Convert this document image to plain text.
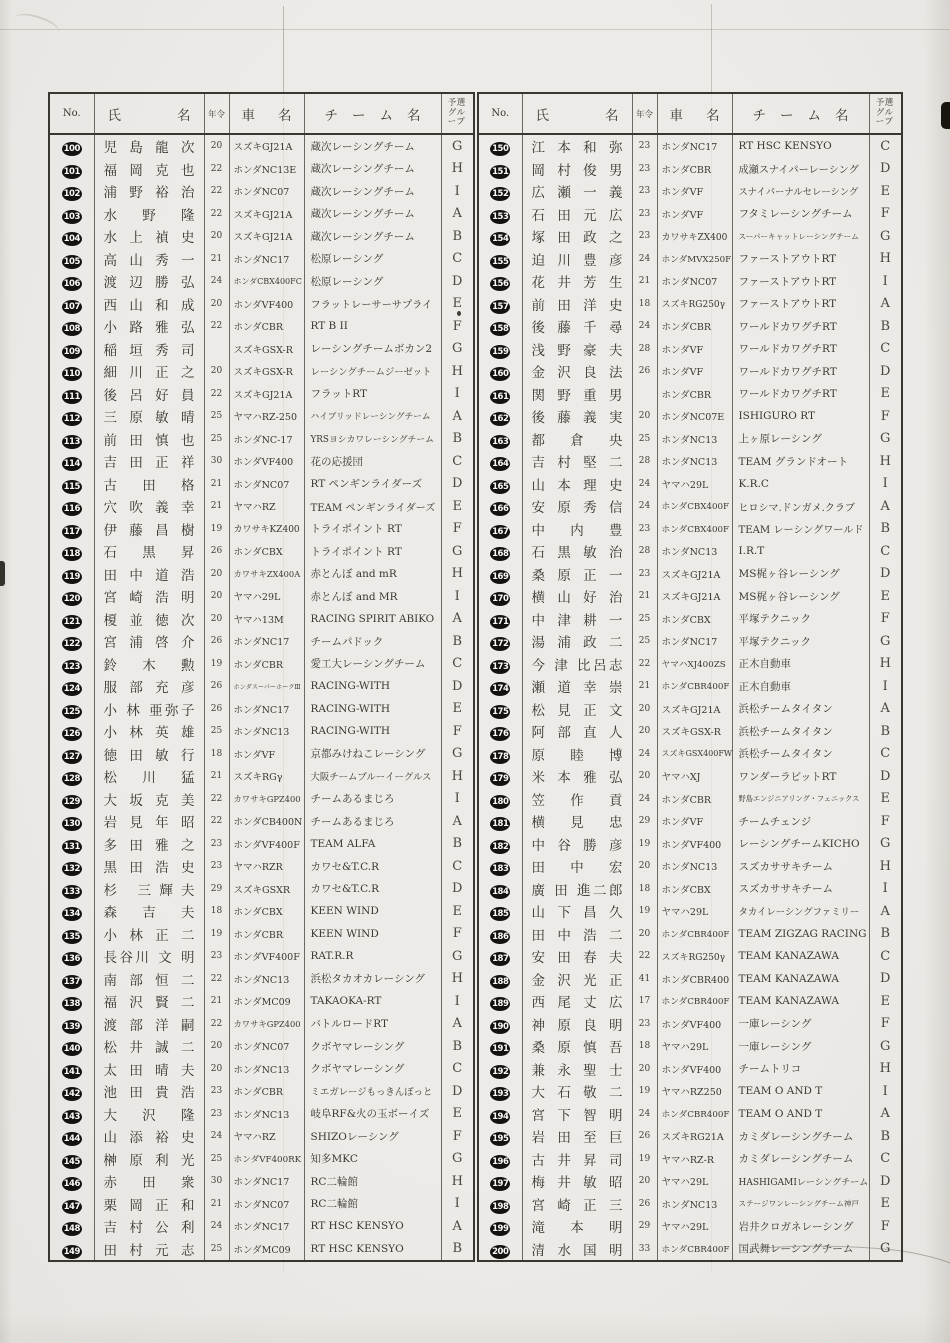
No.	氏 名	年令	車 名	チ ー ム 名	予選グループ

100	児 島 龍 次	20	スズキGJ21A	蔵次レーシングチーム	G
101	福 岡 克 也	22	ホンダNC13E	蔵次レーシングチーム	H
102	浦 野 裕 治	22	ホンダNC07	蔵次レーシングチーム	I
103	水 野 隆	22	スズキGJ21A	蔵次レーシングチーム	A
104	水 上 禎 史	20	スズキGJ21A	蔵次レーシングチーム	B
105	高 山 秀 一	21	ホンダNC17	松原レーシング	C
106	渡 辺 勝 弘	24	ホンダCBX400FC	松原レーシング	D
107	西 山 和 成	20	ホンダVF400	フラットレーサーサプライ	E
108	小 路 雅 弘	22	ホンダCBR	RT B II	F
109	稲 垣 秀 司		スズキGSX-R	レーシングチームボカン2	G
110	細 川 正 之	20	スズキGSX-R	レーシングチームジーゼット	H
111	後 呂 好 員	22	スズキGJ21A	フラットRT	I
112	三 原 敏 晴	25	ヤマハRZ-250	ハイブリッドレーシングチーム	A
113	前 田 慎 也	25	ホンダNC-17	YRSヨシカワレーシングチーム	B
114	吉 田 正 祥	30	ホンダVF400	花の応援団	C
115	古 田 格	21	ホンダNC07	RT ペンギンライダーズ	D
116	穴 吹 義 幸	21	ヤマハRZ	TEAM ペンギンライダーズ	E
117	伊 藤 昌 樹	19	カワサキKZ400	トライポイント RT	F
118	石 黒 昇	26	ホンダCBX	トライポイント RT	G
119	田 中 道 浩	20	カワサキZX400A	赤とんぼ and mR	H
120	宮 崎 浩 明	20	ヤマハ29L	赤とんぼ and MR	I
121	榎 並 徳 次	20	ヤマハ13M	RACING SPIRIT ABIKO	A
122	宮 浦 啓 介	26	ホンダNC17	チームパドック	B
123	鈴 木 勲	19	ホンダCBR	愛工大レーシングチーム	C
124	服 部 充 彦	26	ホンダスーパーホークⅢ	RACING-WITH	D
125	小 林 亜弥子	26	ホンダNC17	RACING-WITH	E
126	小 林 英 雄	25	ホンダNC13	RACING-WITH	F
127	徳 田 敏 行	18	ホンダVF	京都みけねこレーシング	G
128	松 川 猛	21	スズキRGγ	大阪チームブルーイーグルス	H
129	大 坂 克 美	22	カワサキGPZ400	チームあるまじろ	I
130	岩 見 年 昭	22	ホンダCB400N	チームあるまじろ	A
131	多 田 雅 之	23	ホンダVF400F	TEAM ALFA	B
132	黒 田 浩 史	23	ヤマハRZR	カワセ&T.C.R	C
133	杉 三輝夫	29	スズキGSXR	カワセ&T.C.R	D
134	森 吉 夫	18	ホンダCBX	KEEN WIND	E
135	小 林 正 二	19	ホンダCBR	KEEN WIND	F
136	長谷川 文 明	23	ホンダVF400F	RAT.R.R	G
137	南 部 恒 二	22	ホンダNC13	浜松タカオカレーシング	H
138	福 沢 賢 二	21	ホンダMC09	TAKAOKA-RT	I
139	渡 部 洋 嗣	22	カワサキGPZ400	バトルロードRT	A
140	松 井 誠 二	20	ホンダNC07	クボヤマレーシング	B
141	太 田 晴 夫	20	ホンダNC13	クボヤマレーシング	C
142	池 田 貴 浩	23	ホンダCBR	ミエガレージもっきんぽっと	D
143	大 沢 隆	23	ホンダNC13	岐阜RF&火の玉ボーイズ	E
144	山 添 裕 史	24	ヤマハRZ	SHIZOレーシング	F
145	榊 原 利 光	25	ホンダVF400RK	知多MKC	G
146	赤 田 衆	30	ホンダNC17	RC二輪館	H
147	栗 岡 正 和	21	ホンダNC07	RC二輪館	I
148	吉 村 公 利	24	ホンダNC17	RT HSC KENSYO	A
149	田 村 元 志	25	ホンダMC09	RT HSC KENSYO	B
No.	氏 名	年令	車 名	チ ー ム 名	予選グループ

150	江 本 和 弥	23	ホンダNC17	RT HSC KENSYO	C
151	岡 村 俊 男	23	ホンダCBR	成瀬スナイパーレーシング	D
152	広 瀬 一 義	23	ホンダVF	スナイパーナルセレーシング	E
153	石 田 元 広	23	ホンダVF	フタミレーシングチーム	F
154	塚 田 政 之	23	カワサキZX400	スーパーキャットレーシングチーム	G
155	迫 川 豊 彦	24	ホンダMVX250F	ファーストアウトRT	H
156	花 井 芳 生	21	ホンダNC07	ファーストアウトRT	I
157	前 田 洋 史	18	スズキRG250γ	ファーストアウトRT	A
158	後 藤 千 尋	24	ホンダCBR	ワールドカワグチRT	B
159	浅 野 豪 夫	28	ホンダVF	ワールドカワグチRT	C
160	金 沢 良 法	26	ホンダVF	ワールドカワグチRT	D
161	関 野 重 男		ホンダCBR	ワールドカワグチRT	E
162	後 藤 義 実	20	ホンダNC07E	ISHIGURO RT	F
163	都 倉 央	25	ホンダNC13	上ヶ原レーシング	G
164	吉 村 堅 二	28	ホンダNC13	TEAM グランドオート	H
165	山 本 理 史	24	ヤマハ29L	K.R.C	I
166	安 原 秀 信	24	ホンダCBX400F	ヒロシマ.ドンガメ.クラブ	A
167	中 内 豊	23	ホンダCBX400F	TEAM レーシングワールド	B
168	石 黒 敏 治	28	ホンダNC13	I.R.T	C
169	桑 原 正 一	23	スズキGJ21A	MS梶ヶ谷レーシング	D
170	横 山 好 治	21	スズキGJ21A	MS梶ヶ谷レーシング	E
171	中 津 耕 一	25	ホンダCBX	平塚テクニック	F
172	湯 浦 政 二	25	ホンダNC17	平塚テクニック	G
173	今 津 比呂志	22	ヤマハXJ400ZS	正木自動車	H
174	瀬 道 幸 崇	21	ホンダCBR400F	正木自動車	I
175	松 見 正 文	20	スズキGJ21A	浜松チームタイタン	A
176	阿 部 直 人	20	スズキGSX-R	浜松チームタイタン	B
178	原 睦 博	24	スズキGSX400FW	浜松チームタイタン	C
179	米 本 雅 弘	20	ヤマハXJ	ワンダーラビットRT	D
180	笠 作 貢	24	ホンダCBR	野島エンジニアリング・フェニックス	E
181	横 見 忠	29	ホンダVF	チームチェンジ	F
182	中 谷 勝 彦	19	ホンダVF400	レーシングチームKICHO	G
183	田 中 宏	20	ホンダNC13	スズカササキチーム	H
184	廣 田 進二郎	18	ホンダCBX	スズカササキチーム	I
185	山 下 昌 久	19	ヤマハ29L	タカイレーシングファミリー	A
186	田 中 浩 二	20	ホンダCBR400F	TEAM ZIGZAG RACING	B
187	安 田 春 夫	22	スズキRG250γ	TEAM KANAZAWA	C
188	金 沢 光 正	41	ホンダCBR400	TEAM KANAZAWA	D
189	西 尾 丈 広	17	ホンダCBR400F	TEAM KANAZAWA	E
190	神 原 良 明	23	ホンダVF400	一庫レーシング	F
191	桑 原 慎 吾	18	ヤマハ29L	一庫レーシング	G
192	兼 永 聖 士	20	ホンダVF400	チームトリコ	H
193	大 石 敬 二	19	ヤマハRZ250	TEAM O AND T	I
194	宮 下 智 明	24	ホンダCBR400F	TEAM O AND T	A
195	岩 田 至 巨	26	スズキRG21A	カミダレーシングチーム	B
196	古 井 昇 司	19	ヤマハRZ-R	カミダレーシングチーム	C
197	梅 井 敏 昭	20	ヤマハ29L	HASHIGAMIレーシングチーム	D
198	宮 崎 正 三	26	ホンダNC13	ステージワンレーシングチーム神戸	E
199	滝 本 明	29	ヤマハ29L	岩井クロガネレーシング	F
200	清 水 国 明	33	ホンダCBR400F	国武舞レーシングチーム	G
